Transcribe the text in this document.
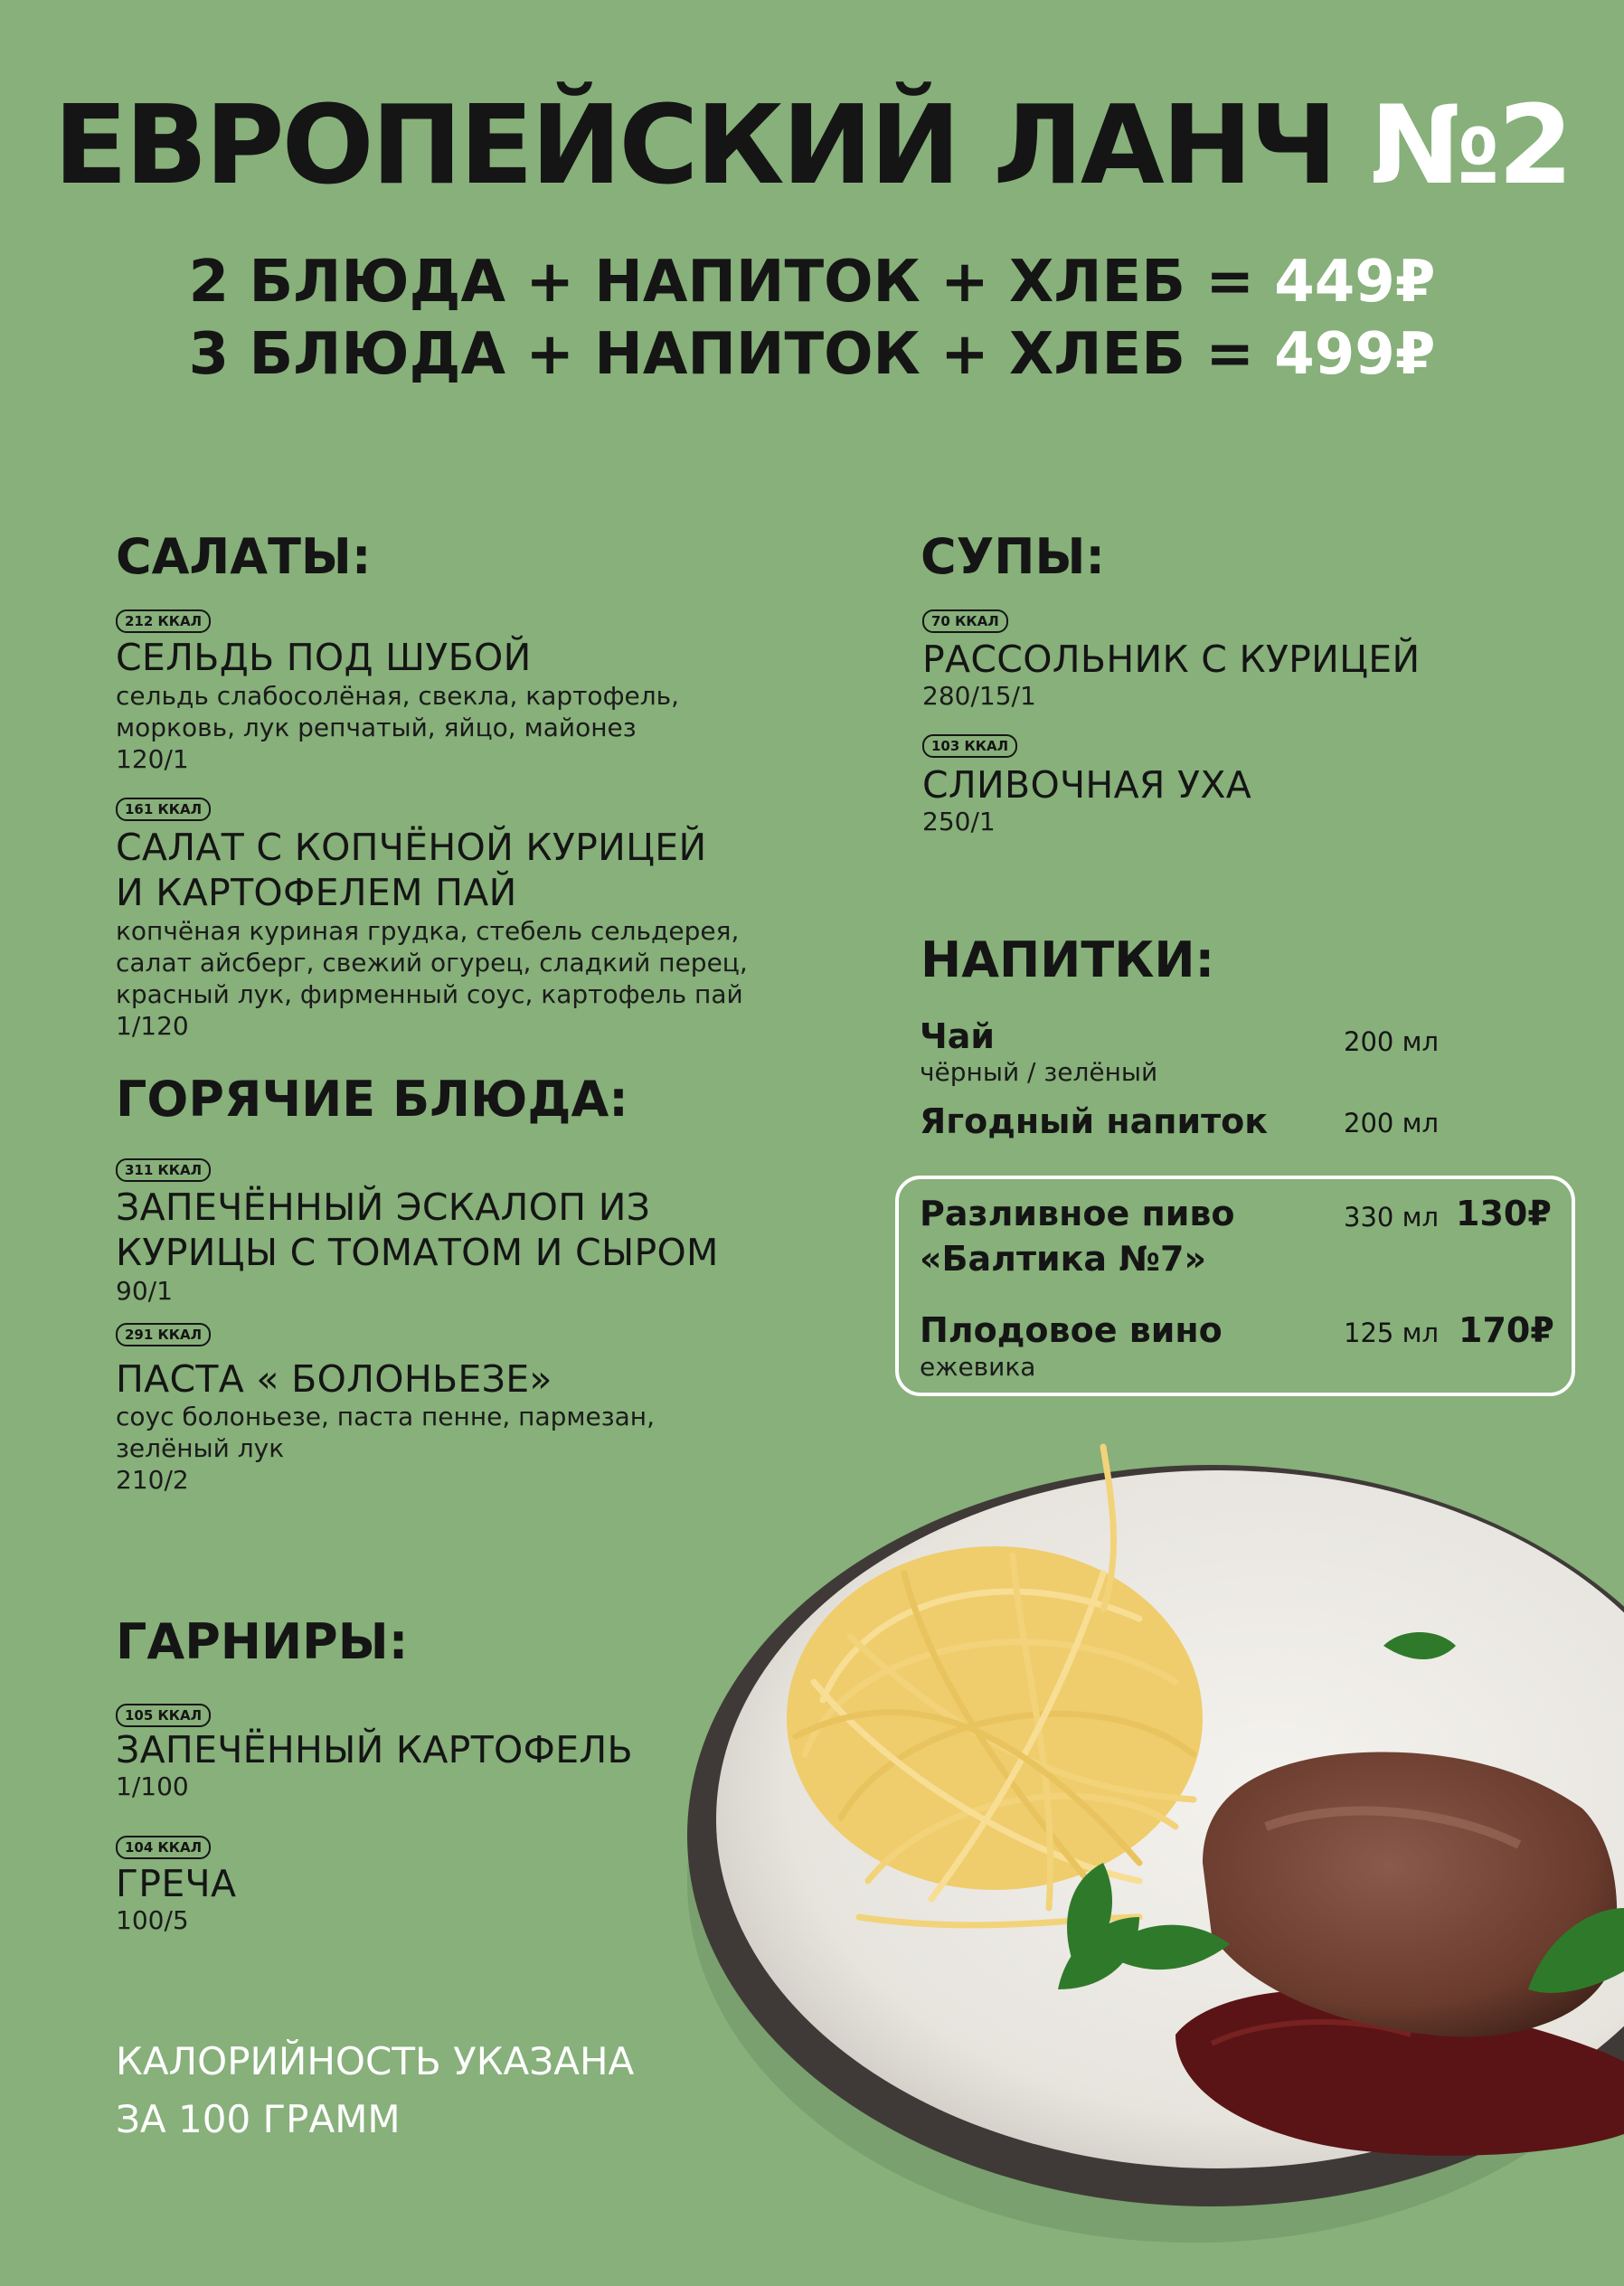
ЕВРОПЕЙСКИЙ ЛАНЧ №2
2 БЛЮДА + НАПИТОК + ХЛЕБ = 449₽
3 БЛЮДА + НАПИТОК + ХЛЕБ = 499₽
САЛАТЫ:
212 ККАЛ
СЕЛЬДЬ ПОД ШУБОЙ
сельдь слабосолёная, свекла, картофель,
морковь, лук репчатый, яйцо, майонез
120/1
161 ККАЛ
САЛАТ С КОПЧЁНОЙ КУРИЦЕЙ
И КАРТОФЕЛЕМ ПАЙ
копчёная куриная грудка, стебель сельдерея,
салат айсберг, свежий огурец, сладкий перец,
красный лук, фирменный соус, картофель пай
1/120
ГОРЯЧИЕ БЛЮДА:
311 ККАЛ
ЗАПЕЧЁННЫЙ ЭСКАЛОП ИЗ
КУРИЦЫ С ТОМАТОМ И СЫРОМ
90/1
291 ККАЛ
ПАСТА « БОЛОНЬЕЗЕ»
соус болоньезе, паста пенне, пармезан,
зелёный лук
210/2
ГАРНИРЫ:
105 ККАЛ
ЗАПЕЧЁННЫЙ КАРТОФЕЛЬ
1/100
104 ККАЛ
ГРЕЧА
100/5
СУПЫ:
70 ККАЛ
РАССОЛЬНИК С КУРИЦЕЙ
280/15/1
103 ККАЛ
СЛИВОЧНАЯ УХА
250/1
НАПИТКИ:
Чай	200 мл
чёрный / зелёный
Ягодный напиток	200 мл
Разливное пиво
«Балтика №7»
330 мл 130₽
Плодовое вино	125 мл 170₽
ежевика
КАЛОРИЙНОСТЬ УКАЗАНА
ЗА 100 ГРАММ
